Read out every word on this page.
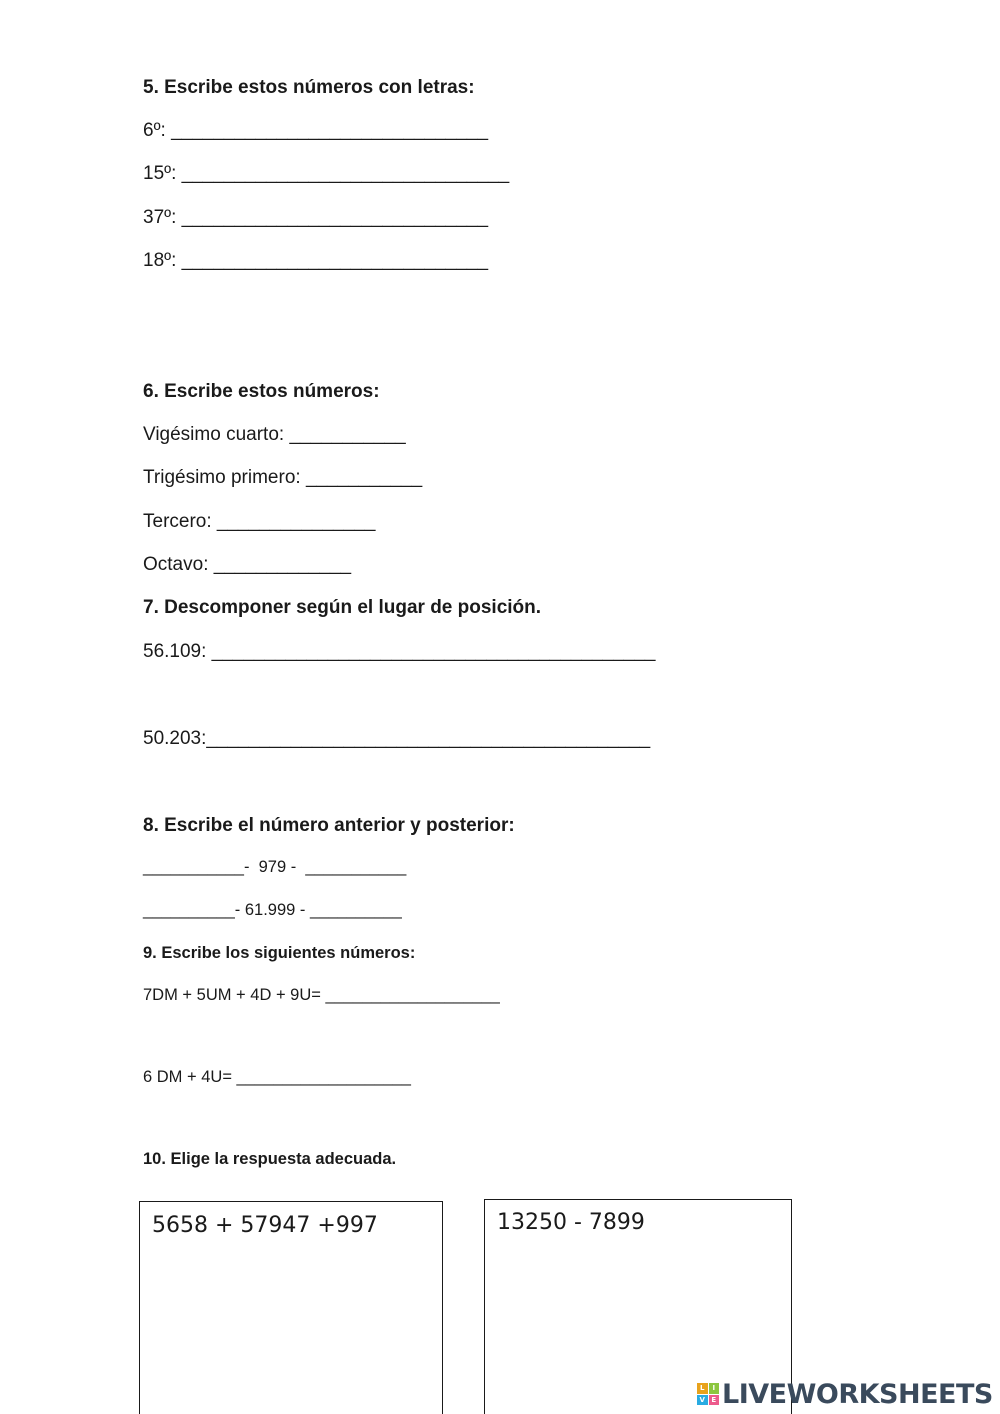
5. Escribe estos números con letras:
6º: ______________________________
15º: _______________________________
37º: _____________________________
18º: _____________________________
6. Escribe estos números:
Vigésimo cuarto: ___________
Trigésimo primero: ___________
Tercero: _______________
Octavo: _____________
7. Descomponer según el lugar de posición.
56.109: __________________________________________
50.203:__________________________________________
8. Escribe el número anterior y posterior:
___________-  979 -  ___________
__________- 61.999 - __________
9. Escribe los siguientes números:
7DM + 5UM + 4D + 9U= ___________________
6 DM + 4U= ___________________
10. Elige la respuesta adecuada.
5658 + 57947 +997	13250 - 7899
L	I
V E LIVEWORKSHEETS
